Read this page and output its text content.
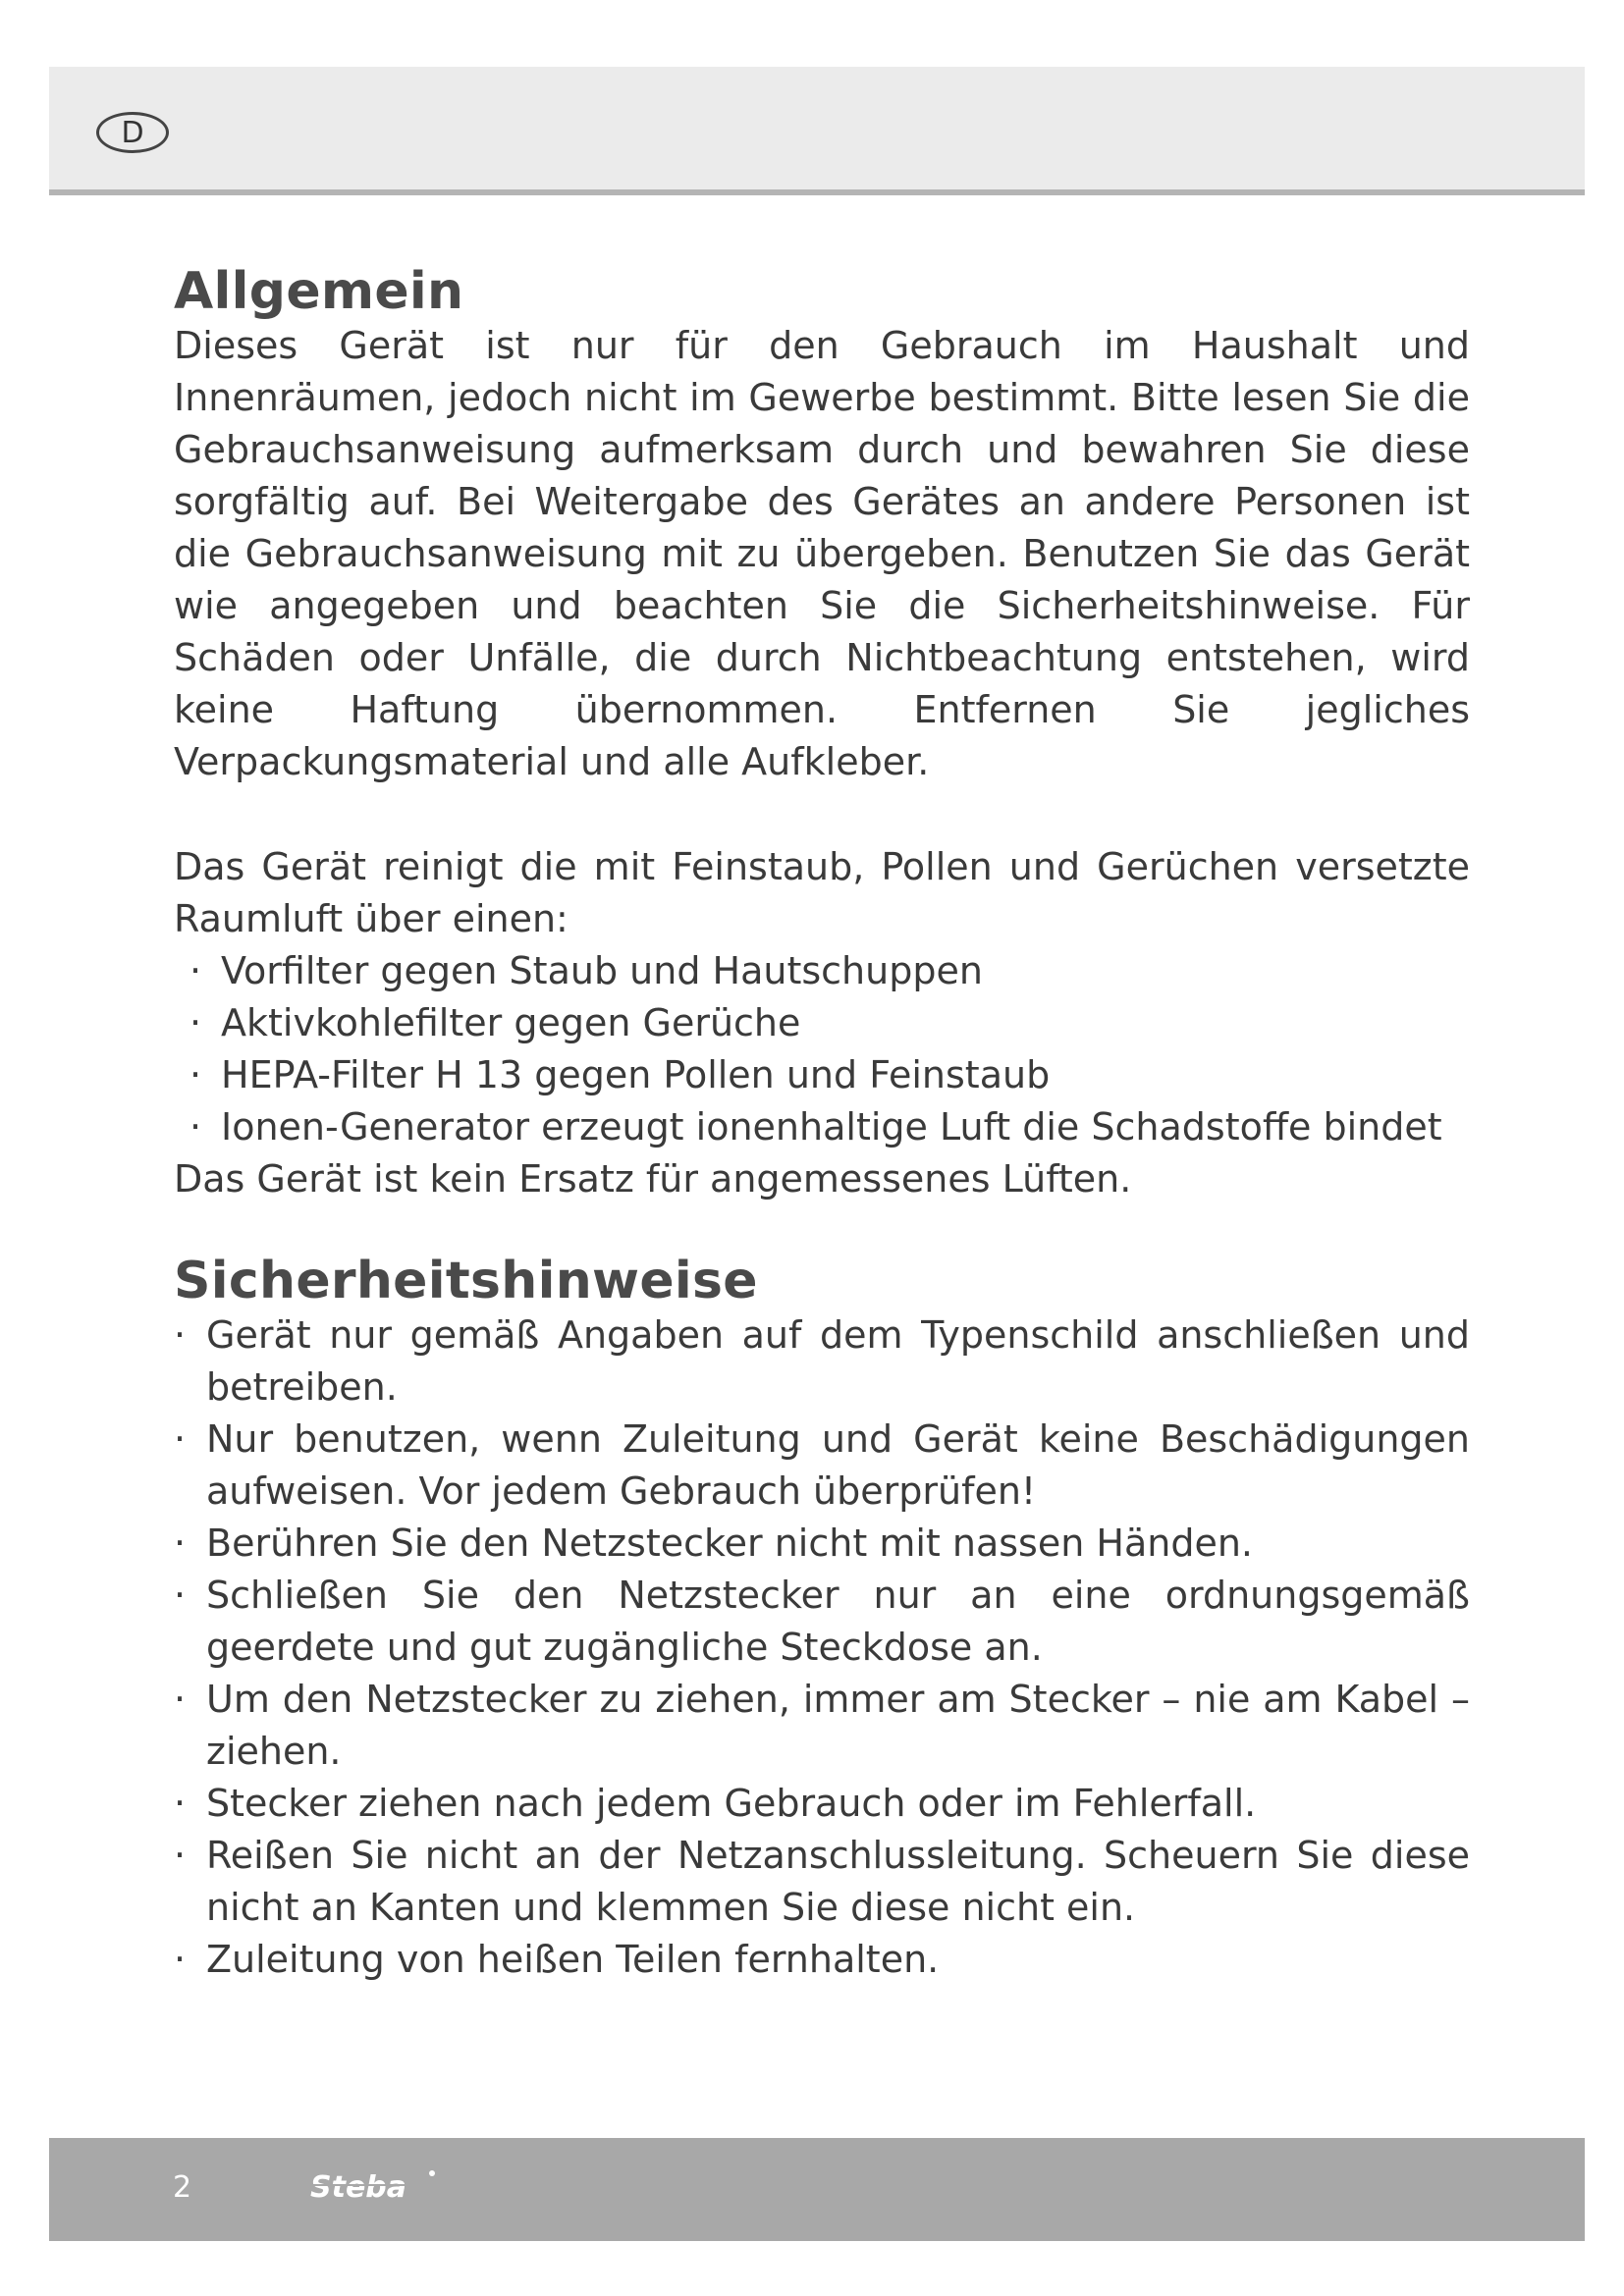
D
Allgemein

Dieses Gerät ist nur für den Gebrauch im Haushalt und Innenräumen, jedoch nicht im Gewerbe bestimmt. Bitte lesen Sie die Gebrauchsanweisung aufmerksam durch und bewahren Sie diese sorgfältig auf. Bei Weitergabe des Gerätes an andere Personen ist die Gebrauchsanweisung mit zu übergeben. Benutzen Sie das Gerät wie angegeben und beachten Sie die Sicherheitshinweise. Für Schäden oder Unfälle, die durch Nichtbeachtung entstehen, wird keine Haftung übernommen. Entfernen Sie jegliches Verpackungsmaterial und alle Aufkleber.

Das Gerät reinigt die mit Feinstaub, Pollen und Gerüchen versetzte Raumluft über einen:

· Vorfilter gegen Staub und Hautschuppen
· Aktivkohlefilter gegen Gerüche
· HEPA-Filter H 13 gegen Pollen und Feinstaub
· Ionen-Generator erzeugt ionenhaltige Luft die Schadstoffe bindet

Das Gerät ist kein Ersatz für angemessenes Lüften.

Sicherheitshinweise
· Gerät nur gemäß Angaben auf dem Typenschild anschließen und betreiben.
· Nur benutzen, wenn Zuleitung und Gerät keine Beschädigungen aufweisen. Vor jedem Gebrauch überprüfen!
· Berühren Sie den Netzstecker nicht mit nassen Händen.
· Schließen Sie den Netzstecker nur an eine ordnungsgemäß geerdete und gut zugängliche Steckdose an.
· Um den Netzstecker zu ziehen, immer am Stecker – nie am Kabel – ziehen.
· Stecker ziehen nach jedem Gebrauch oder im Fehlerfall.
· Reißen Sie nicht an der Netzanschlussleitung. Scheuern Sie diese nicht an Kanten und klemmen Sie diese nicht ein.
· Zuleitung von heißen Teilen fernhalten.
2	Steba
